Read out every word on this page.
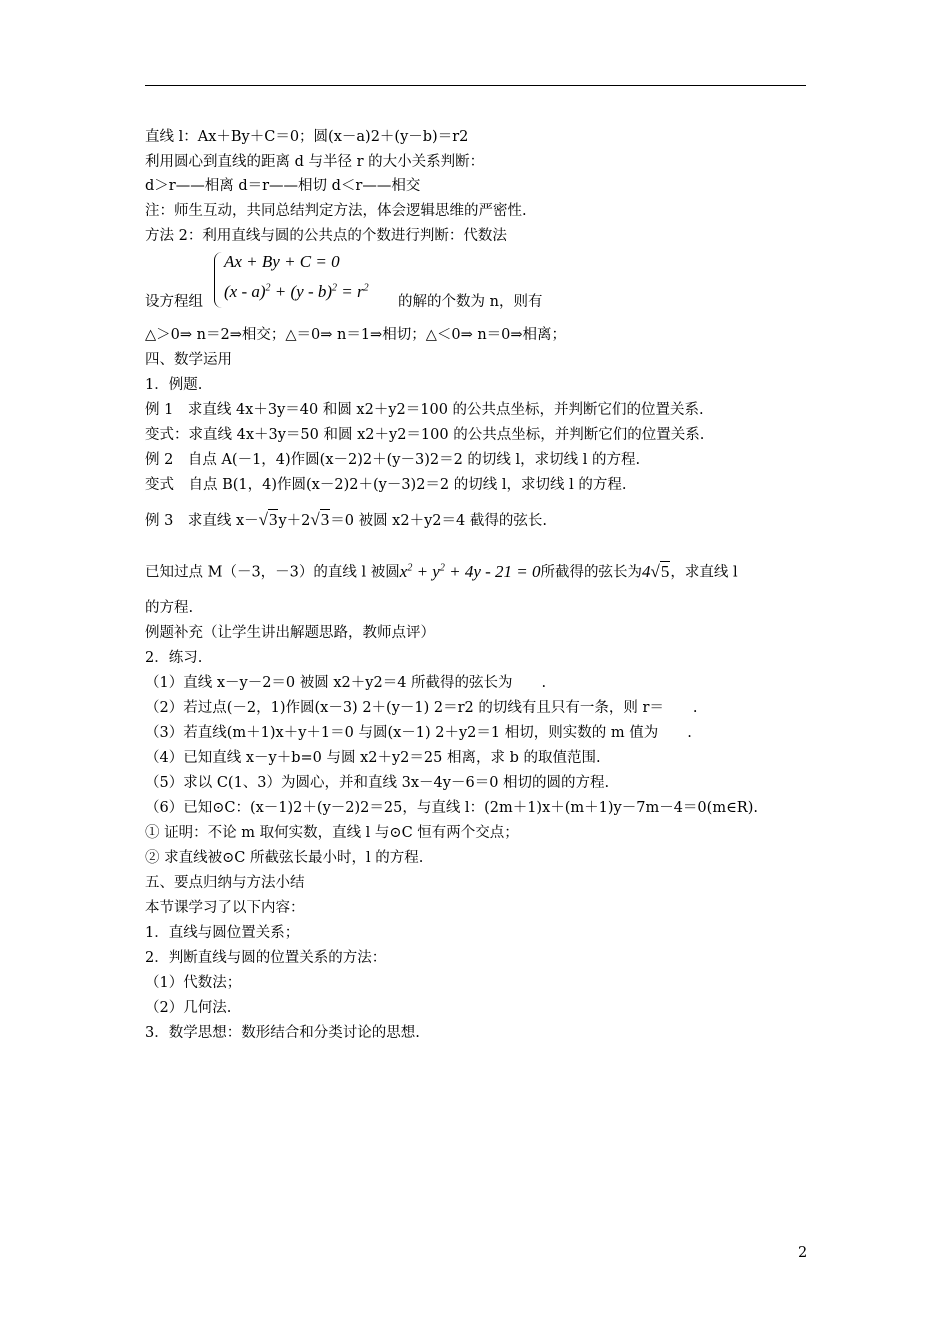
直线 l：Ax＋By＋C＝0；圆(x－a)2＋(y－b)＝r2
利用圆心到直线的距离 d 与半径 r 的大小关系判断：
d＞r——相离 d＝r——相切 d＜r——相交
注：师生互动，共同总结判定方法，体会逻辑思维的严密性.
方法 2：利用直线与圆的公共点的个数进行判断：代数法
Ax + By + C = 0
$(x - a)^2 + (y - b)^2 = r^2$
设方程组	的解的个数为 n，则有
△＞0⇒ n＝2⇒相交；△＝0⇒ n＝1⇒相切；△＜0⇒ n＝0⇒相离；
四、数学运用
1．例题.
例 1　求直线 4x＋3y＝40 和圆 x2＋y2＝100 的公共点坐标，并判断它们的位置关系.
变式：求直线 4x＋3y＝50 和圆 x2＋y2＝100 的公共点坐标，并判断它们的位置关系.
例 2　自点 A(－1，4)作圆(x－2)2＋(y－3)2＝2 的切线 l，求切线 l 的方程.
变式　自点 B(1，4)作圆(x－2)2＋(y－3)2＝2 的切线 l，求切线 l 的方程.
例 3　求直线 x－√3y＋2√3＝0 被圆 x2＋y2＝4 截得的弦长.
已知过点 M（－3，－3）的直线 l 被圆$x^2 + y^2 + 4y - 21 = 0$所截得的弦长为4√5，求直线 l
的方程.
例题补充（让学生讲出解题思路，教师点评）
2．练习.
（1）直线 x－y－2＝0 被圆 x2＋y2＝4 所截得的弦长为　　.
（2）若过点(－2，1)作圆(x－3) 2＋(y－1) 2＝r2 的切线有且只有一条，则 r＝　　.
（3）若直线(m＋1)x＋y＋1＝0 与圆(x－1) 2＋y2＝1 相切，则实数的 m 值为　　.
（4）已知直线 x－y＋b=0 与圆 x2＋y2＝25 相离，求 b 的取值范围.
（5）求以 C(1、3）为圆心，并和直线 3x－4y－6＝0 相切的圆的方程.
（6）已知⊙C：(x－1)2＋(y－2)2＝25，与直线 l：(2m＋1)x＋(m＋1)y－7m－4＝0(m∈R).
① 证明：不论 m 取何实数，直线 l 与⊙C 恒有两个交点；
② 求直线被⊙C 所截弦长最小时，l 的方程.
五、要点归纳与方法小结
本节课学习了以下内容：
1．直线与圆位置关系；
2．判断直线与圆的位置关系的方法：
（1）代数法；
（2）几何法.
3．数学思想：数形结合和分类讨论的思想.
2
